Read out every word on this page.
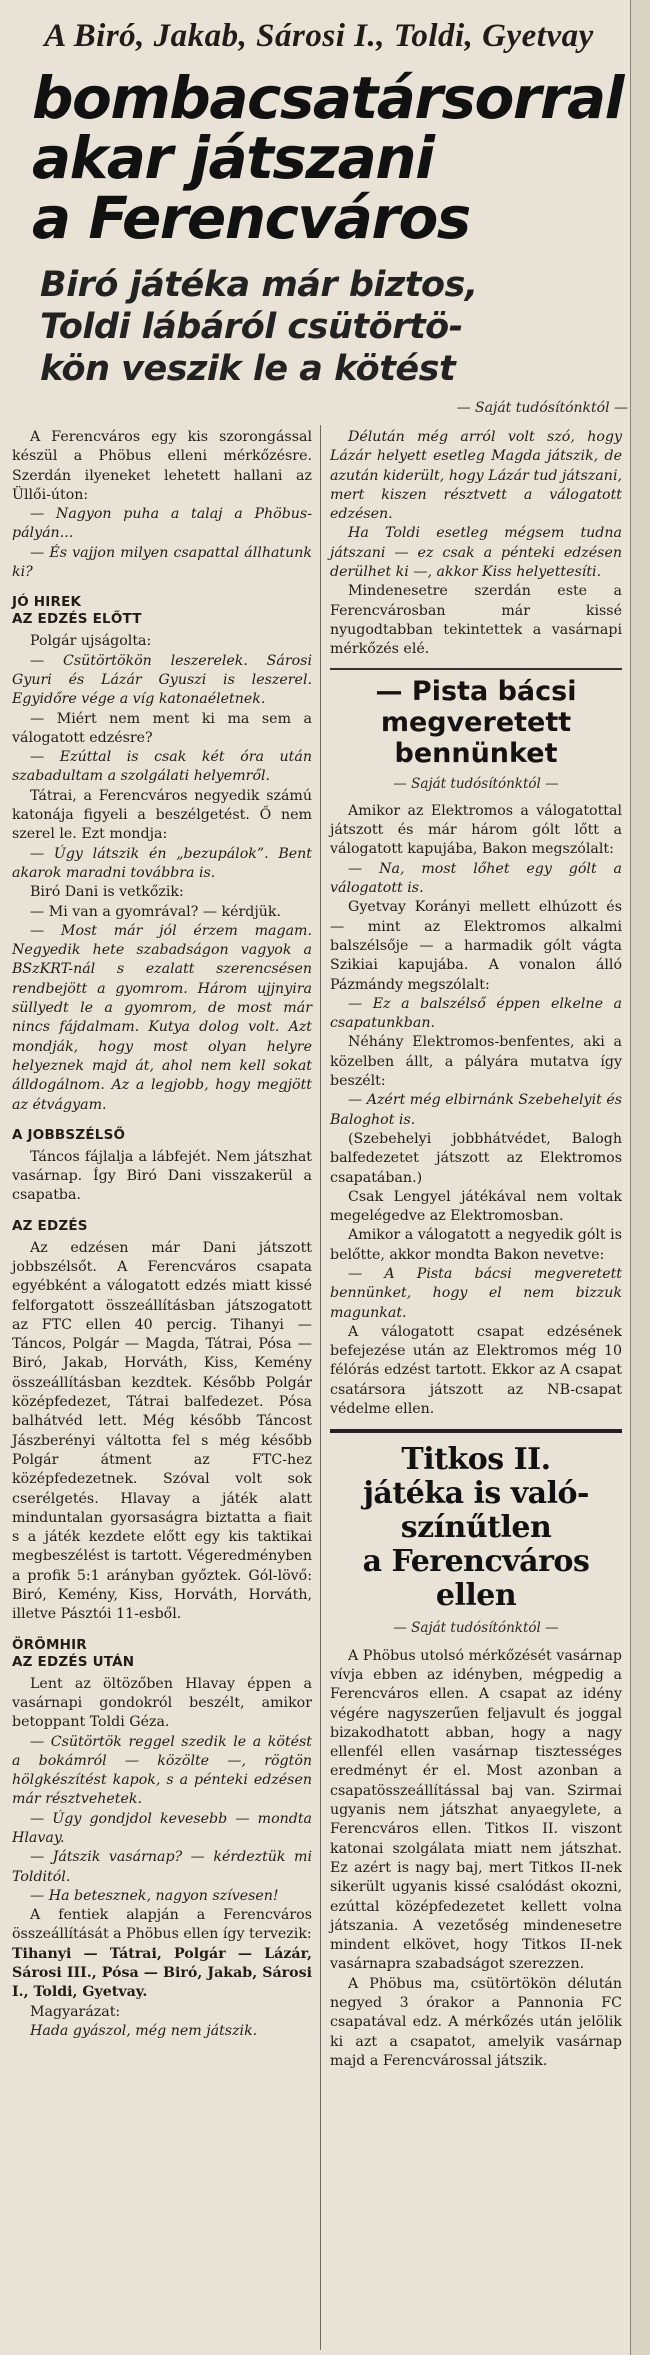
A Biró, Jakab, Sárosi I., Toldi, Gyetvay
bombacsatársorral
akar játszani
a Ferencváros
Biró játéka már biztos,
Toldi lábáról csütörtö-
kön veszik le a kötést
— Saját tudósítónktól —

A Ferencváros egy kis szorongással készül a Phöbus elleni mérkőzésre. Szerdán ilyeneket lehetett hallani az Üllői-úton:

— Nagyon puha a talaj a Phöbus-pályán...

— És vajjon milyen csapattal állhatunk ki?

JÓ HIREK
AZ EDZÉS ELŐTT

Polgár ujságolta:

— Csütörtökön leszerelek. Sárosi Gyuri és Lázár Gyuszi is leszerel. Egyidőre vége a víg katonaéletnek.

— Miért nem ment ki ma sem a válogatott edzésre?

— Ezúttal is csak két óra után szabadultam a szolgálati helyemről.

Tátrai, a Ferencváros negyedik számú katonája figyeli a beszélgetést. Ő nem szerel le. Ezt mondja:

— Úgy látszik én „bezupálok”. Bent akarok maradni továbbra is.

Biró Dani is vetkőzik:

— Mi van a gyomrával? — kérdjük.

— Most már jól érzem magam. Negyedik hete szabadságon vagyok a BSzKRT-nál s ezalatt szerencsésen rendbejött a gyomrom. Három ujjnyira süllyedt le a gyomrom, de most már nincs fájdalmam. Kutya dolog volt. Azt mondják, hogy most olyan helyre helyeznek majd át, ahol nem kell sokat álldogálnom. Az a legjobb, hogy megjött az étvágyam.

A JOBBSZÉLSŐ

Táncos fájlalja a lábfejét. Nem játszhat vasárnap. Így Biró Dani visszakerül a csapatba.

AZ EDZÉS

Az edzésen már Dani játszott jobbszélsőt. A Ferencváros csapata egyébként a válogatott edzés miatt kissé felforgatott összeállításban játszogatott az FTC ellen 40 percig. Tihanyi — Táncos, Polgár — Magda, Tátrai, Pósa — Biró, Jakab, Horváth, Kiss, Kemény összeállításban kezdtek. Később Polgár középfedezet, Tátrai balfedezet. Pósa balhátvéd lett. Még később Táncost Jászberényi váltotta fel s még később Polgár átment az FTC-hez középfedezetnek. Szóval volt sok cserélgetés. Hlavay a játék alatt minduntalan gyorsaságra biztatta a fiait s a játék kezdete előtt egy kis taktikai megbeszélést is tartott. Végeredményben a profik 5:1 arányban győztek. Gól-lövő: Biró, Kemény, Kiss, Horváth, Horváth, illetve Pásztói 11-esből.

ÖRÖMHIR
AZ EDZÉS UTÁN

Lent az öltözőben Hlavay éppen a vasárnapi gondokról beszélt, amikor betoppant Toldi Géza.

— Csütörtök reggel szedik le a kötést a bokámról — közölte —, rögtön hölgkészítést kapok, s a pénteki edzésen már résztvehetek.

— Úgy gondjdol kevesebb — mondta Hlavay.

— Játszik vasárnap? — kérdeztük mi Tolditól.

— Ha betesznek, nagyon szívesen!

A fentiek alapján a Ferencváros összeállítását a Phöbus ellen így tervezik:

Tihanyi — Tátrai, Polgár — Lázár, Sárosi III., Pósa — Biró, Jakab, Sárosi I., Toldi, Gyetvay.

Magyarázat:

Hada gyászol, még nem játszik.

Délután még arról volt szó, hogy Lázár helyett esetleg Magda játszik, de azután kiderült, hogy Lázár tud játszani, mert kiszen résztvett a válogatott edzésen.

Ha Toldi esetleg mégsem tudna játszani — ez csak a pénteki edzésen derülhet ki —, akkor Kiss helyettesíti.

Mindenesetre szerdán este a Ferencvárosban már kissé nyugodtabban tekintettek a vasárnapi mérkőzés elé.

— Pista bácsi
megveretett
bennünket
— Saját tudósítónktól —

Amikor az Elektromos a válogatottal játszott és már három gólt lőtt a válogatott kapujába, Bakon megszólalt:

— Na, most lőhet egy gólt a válogatott is.

Gyetvay Korányi mellett elhúzott és — mint az Elektromos alkalmi balszélsője — a harmadik gólt vágta Szikiai kapujába. A vonalon álló Pázmándy megszólalt:

— Ez a balszélső éppen elkelne a csapatunkban.

Néhány Elektromos-benfentes, aki a közelben állt, a pályára mutatva így beszélt:

— Azért még elbirnánk Szebehelyit és Baloghot is.

(Szebehelyi jobbhátvédet, Balogh balfedezetet játszott az Elektromos csapatában.)

Csak Lengyel játékával nem voltak megelégedve az Elektromosban.

Amikor a válogatott a negyedik gólt is belőtte, akkor mondta Bakon nevetve:

— A Pista bácsi megveretett bennünket, hogy el nem bizzuk magunkat.

A válogatott csapat edzésének befejezése után az Elektromos még 10 félórás edzést tartott. Ekkor az A csapat csatársora játszott az NB-csapat védelme ellen.

Titkos II.
játéka is való-
színűtlen
a Ferencváros
ellen
— Saját tudósítónktól —

A Phöbus utolsó mérkőzését vasárnap vívja ebben az idényben, mégpedig a Ferencváros ellen. A csapat az idény végére nagyszerűen feljavult és joggal bizakodhatott abban, hogy a nagy ellenfél ellen vasárnap tisztességes eredményt ér el. Most azonban a csapatösszeállítással baj van. Szirmai ugyanis nem játszhat anyaegylete, a Ferencváros ellen. Titkos II. viszont katonai szolgálata miatt nem játszhat. Ez azért is nagy baj, mert Titkos II-nek sikerült ugyanis kissé csalódást okozni, ezúttal középfedezetet kellett volna játszania. A vezetőség mindenesetre mindent elkövet, hogy Titkos II-nek vasárnapra szabadságot szerezzen.

A Phöbus ma, csütörtökön délután negyed 3 órakor a Pannonia FC csapatával edz. A mérkőzés után jelölik ki azt a csapatot, amelyik vasárnap majd a Ferencvárossal játszik.
